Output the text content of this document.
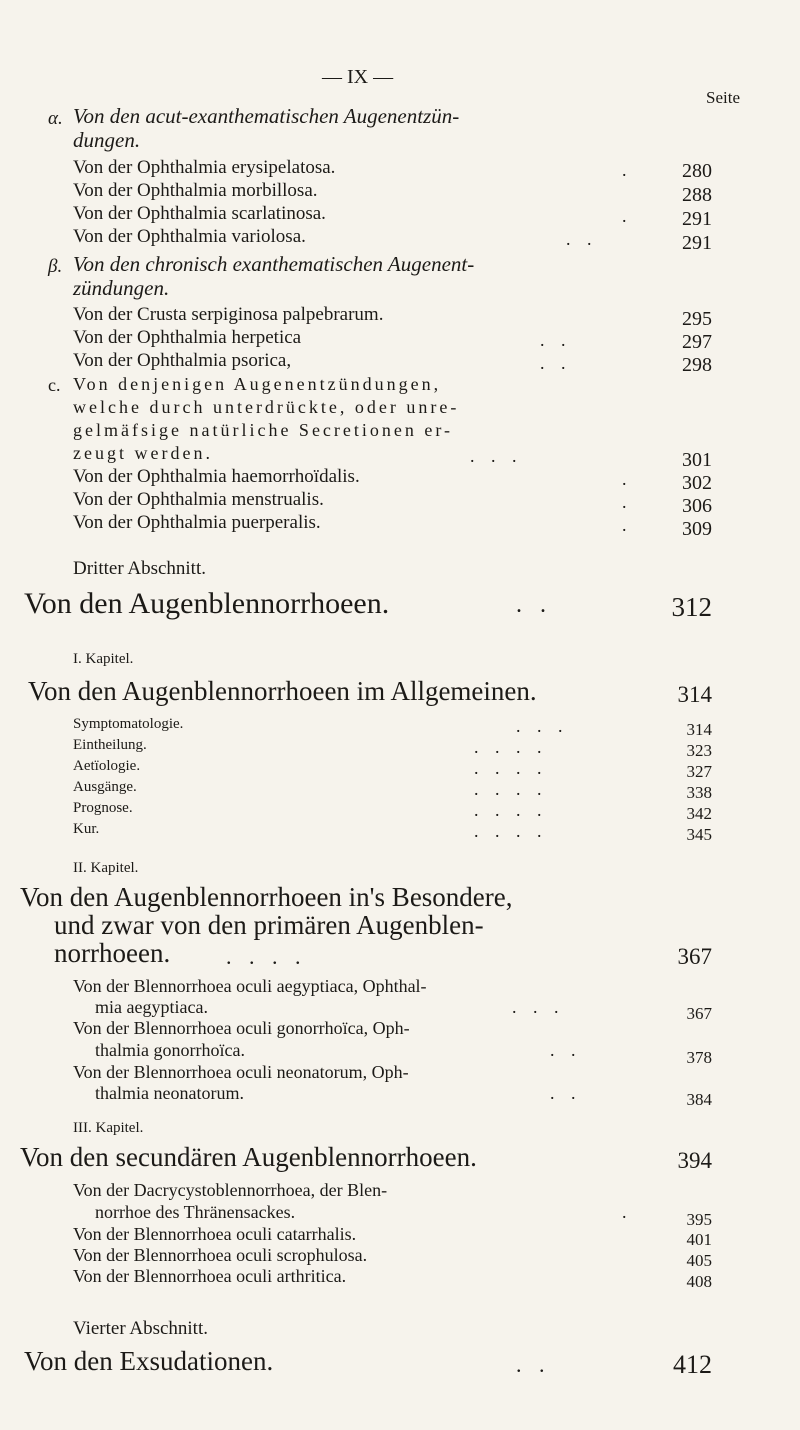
— IX —
Seite
α. Von den acut-exanthematischen Augenentzün-
dungen.
Von der Ophthalmia erysipelatosa.	.	280
Von der Ophthalmia morbillosa.	288
Von der Ophthalmia scarlatinosa.	.	291
Von der Ophthalmia variolosa.	. .	291
β. Von den chronisch exanthematischen Augenent-
zündungen.
Von der Crusta serpiginosa palpebrarum.	295
Von der Ophthalmia herpetica	. .	297
Von der Ophthalmia psorica,	. .	298
c. Von denjenigen Augenentzündungen,
welche durch unterdrückte, oder unre-
gelmäfsige natürliche Secretionen er-
zeugt werden.	. . .	301
Von der Ophthalmia haemorrhoïdalis.	.	302
Von der Ophthalmia menstrualis.	.	306
Von der Ophthalmia puerperalis.	.	309
Dritter Abschnitt.
Von den Augenblennorrhoeen.	. .	312
I. Kapitel.
Von den Augenblennorrhoeen im Allgemeinen.	314
Symptomatologie.	. . .	314
Eintheilung.	. . . .	323
Aetïologie.	. . . .	327
Ausgänge.	. . . .	338
Prognose.	. . . .	342
Kur.	. . . .	345
II. Kapitel.
Von den Augenblennorrhoeen in's Besondere,
und zwar von den primären Augenblen-
norrhoeen.	. . . .	367
Von der Blennorrhoea oculi aegyptiaca, Ophthal-
mia aegyptiaca.	. . .	367
Von der Blennorrhoea oculi gonorrhoïca, Oph-
thalmia gonorrhoïca.	. .	378
Von der Blennorrhoea oculi neonatorum, Oph-
thalmia neonatorum.	. .	384
III. Kapitel.
Von den secundären Augenblennorrhoeen.	394
Von der Dacrycystoblennorrhoea, der Blen-
norrhoe des Thränensackes.	.	395
Von der Blennorrhoea oculi catarrhalis.	401
Von der Blennorrhoea oculi scrophulosa.	405
Von der Blennorrhoea oculi arthritica.	408
Vierter Abschnitt.
Von den Exsudationen.	. .	412
